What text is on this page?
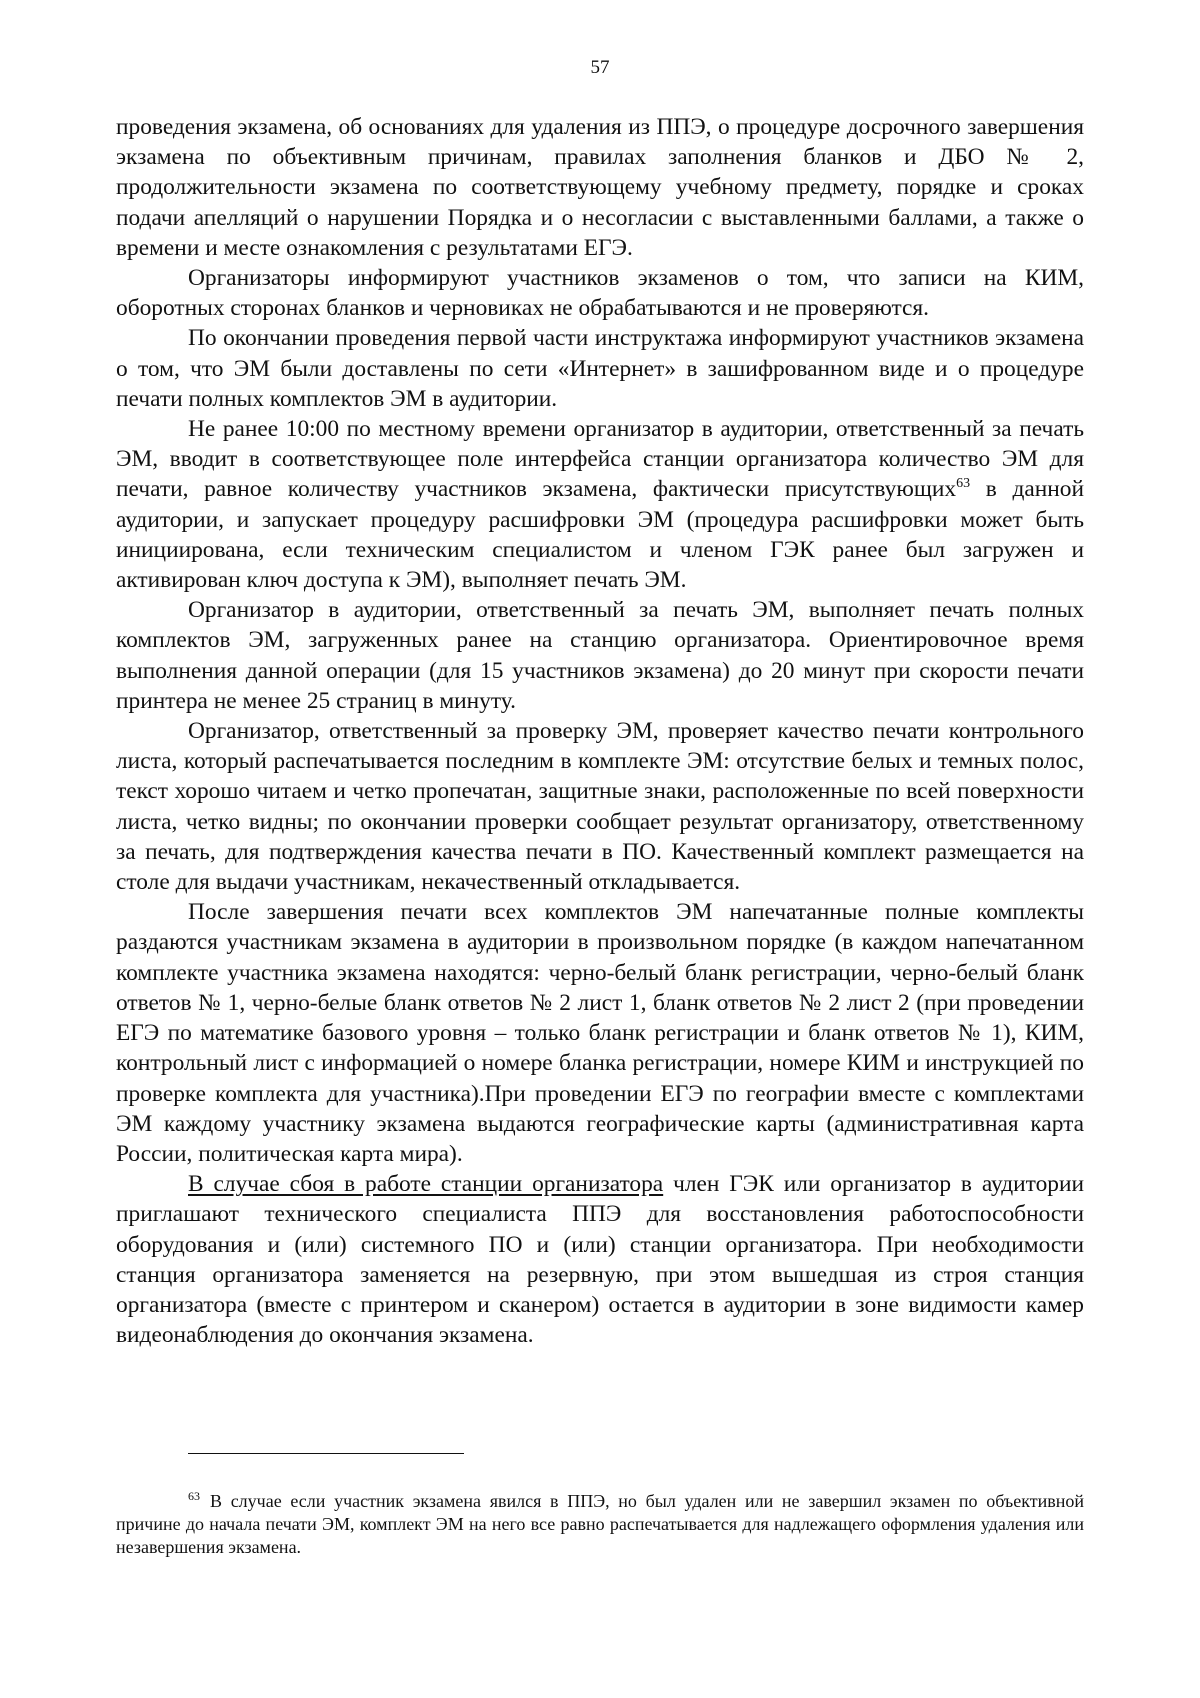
57

проведения экзамена, об основаниях для удаления из ППЭ, о процедуре досрочного завершения экзамена по объективным причинам, правилах заполнения бланков и ДБО № 2, продолжительности экзамена по соответствующему учебному предмету, порядке и сроках подачи апелляций о нарушении Порядка и о несогласии с выставленными баллами, а также о времени и месте ознакомления с результатами ЕГЭ.

Организаторы информируют участников экзаменов о том, что записи на КИМ, оборотных сторонах бланков и черновиках не обрабатываются и не проверяются.

По окончании проведения первой части инструктажа информируют участников экзамена о том, что ЭМ были доставлены по сети «Интернет» в зашифрованном виде и о процедуре печати полных комплектов ЭМ в аудитории.

Не ранее 10:00 по местному времени организатор в аудитории, ответственный за печать ЭМ, вводит в соответствующее поле интерфейса станции организатора количество ЭМ для печати, равное количеству участников экзамена, фактически присутствующих$^{63}$ в данной аудитории, и запускает процедуру расшифровки ЭМ (процедура расшифровки может быть инициирована, если техническим специалистом и членом ГЭК ранее был загружен и активирован ключ доступа к ЭМ), выполняет печать ЭМ.

Организатор в аудитории, ответственный за печать ЭМ, выполняет печать полных комплектов ЭМ, загруженных ранее на станцию организатора. Ориентировочное время выполнения данной операции (для 15 участников экзамена) до 20 минут при скорости печати принтера не менее 25 страниц в минуту.

Организатор, ответственный за проверку ЭМ, проверяет качество печати контрольного листа, который распечатывается последним в комплекте ЭМ: отсутствие белых и темных полос, текст хорошо читаем и четко пропечатан, защитные знаки, расположенные по всей поверхности листа, четко видны; по окончании проверки сообщает результат организатору, ответственному за печать, для подтверждения качества печати в ПО. Качественный комплект размещается на столе для выдачи участникам, некачественный откладывается.

После завершения печати всех комплектов ЭМ напечатанные полные комплекты раздаются участникам экзамена в аудитории в произвольном порядке (в каждом напечатанном комплекте участника экзамена находятся: черно-белый бланк регистрации, черно-белый бланк ответов № 1, черно-белые бланк ответов № 2 лист 1, бланк ответов № 2 лист 2 (при проведении ЕГЭ по математике базового уровня – только бланк регистрации и бланк ответов № 1), КИМ, контрольный лист с информацией о номере бланка регистрации, номере КИМ и инструкцией по проверке комплекта для участника).При проведении ЕГЭ по географии вместе с комплектами ЭМ каждому участнику экзамена выдаются географические карты (административная карта России, политическая карта мира).

В случае сбоя в работе станции организатора член ГЭК или организатор в аудитории приглашают технического специалиста ППЭ для восстановления работоспособности оборудования и (или) системного ПО и (или) станции организатора. При необходимости станция организатора заменяется на резервную, при этом вышедшая из строя станция организатора (вместе с принтером и сканером) остается в аудитории в зоне видимости камер видеонаблюдения до окончания экзамена.

$^{63}$ В случае если участник экзамена явился в ППЭ, но был удален или не завершил экзамен по объективной причине до начала печати ЭМ, комплект ЭМ на него все равно распечатывается для надлежащего оформления удаления или незавершения экзамена.
